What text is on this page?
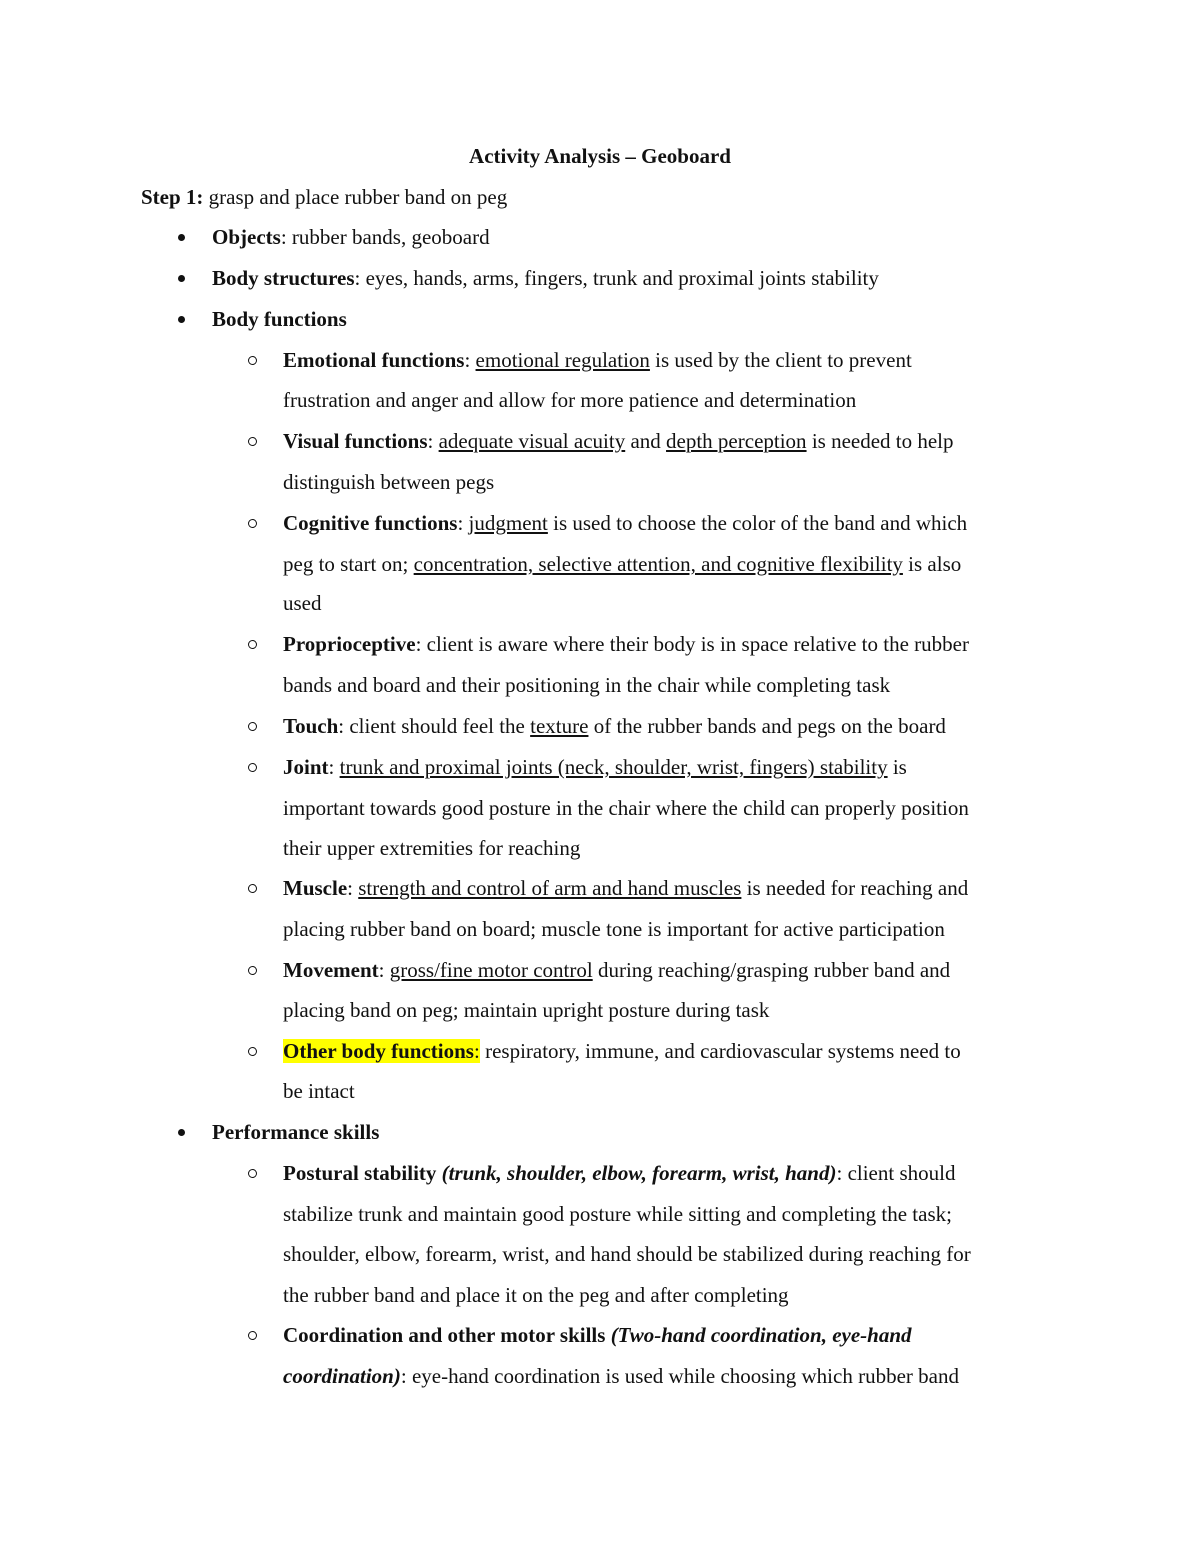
Activity Analysis – Geoboard
Step 1: grasp and place rubber band on peg
Objects: rubber bands, geoboard
Body structures: eyes, hands, arms, fingers, trunk and proximal joints stability
Body functions
Emotional functions: emotional regulation is used by the client to prevent
frustration and anger and allow for more patience and determination
Visual functions: adequate visual acuity and depth perception is needed to help
distinguish between pegs
Cognitive functions: judgment is used to choose the color of the band and which
peg to start on; concentration, selective attention, and cognitive flexibility is also
used
Proprioceptive: client is aware where their body is in space relative to the rubber
bands and board and their positioning in the chair while completing task
Touch: client should feel the texture of the rubber bands and pegs on the board
Joint: trunk and proximal joints (neck, shoulder, wrist, fingers) stability is
important towards good posture in the chair where the child can properly position
their upper extremities for reaching
Muscle: strength and control of arm and hand muscles is needed for reaching and
placing rubber band on board; muscle tone is important for active participation
Movement: gross/fine motor control during reaching/grasping rubber band and
placing band on peg; maintain upright posture during task
Other body functions: respiratory, immune, and cardiovascular systems need to
be intact
Performance skills
Postural stability (trunk, shoulder, elbow, forearm, wrist, hand): client should
stabilize trunk and maintain good posture while sitting and completing the task;
shoulder, elbow, forearm, wrist, and hand should be stabilized during reaching for
the rubber band and place it on the peg and after completing
Coordination and other motor skills (Two-hand coordination, eye-hand
coordination): eye-hand coordination is used while choosing which rubber band
